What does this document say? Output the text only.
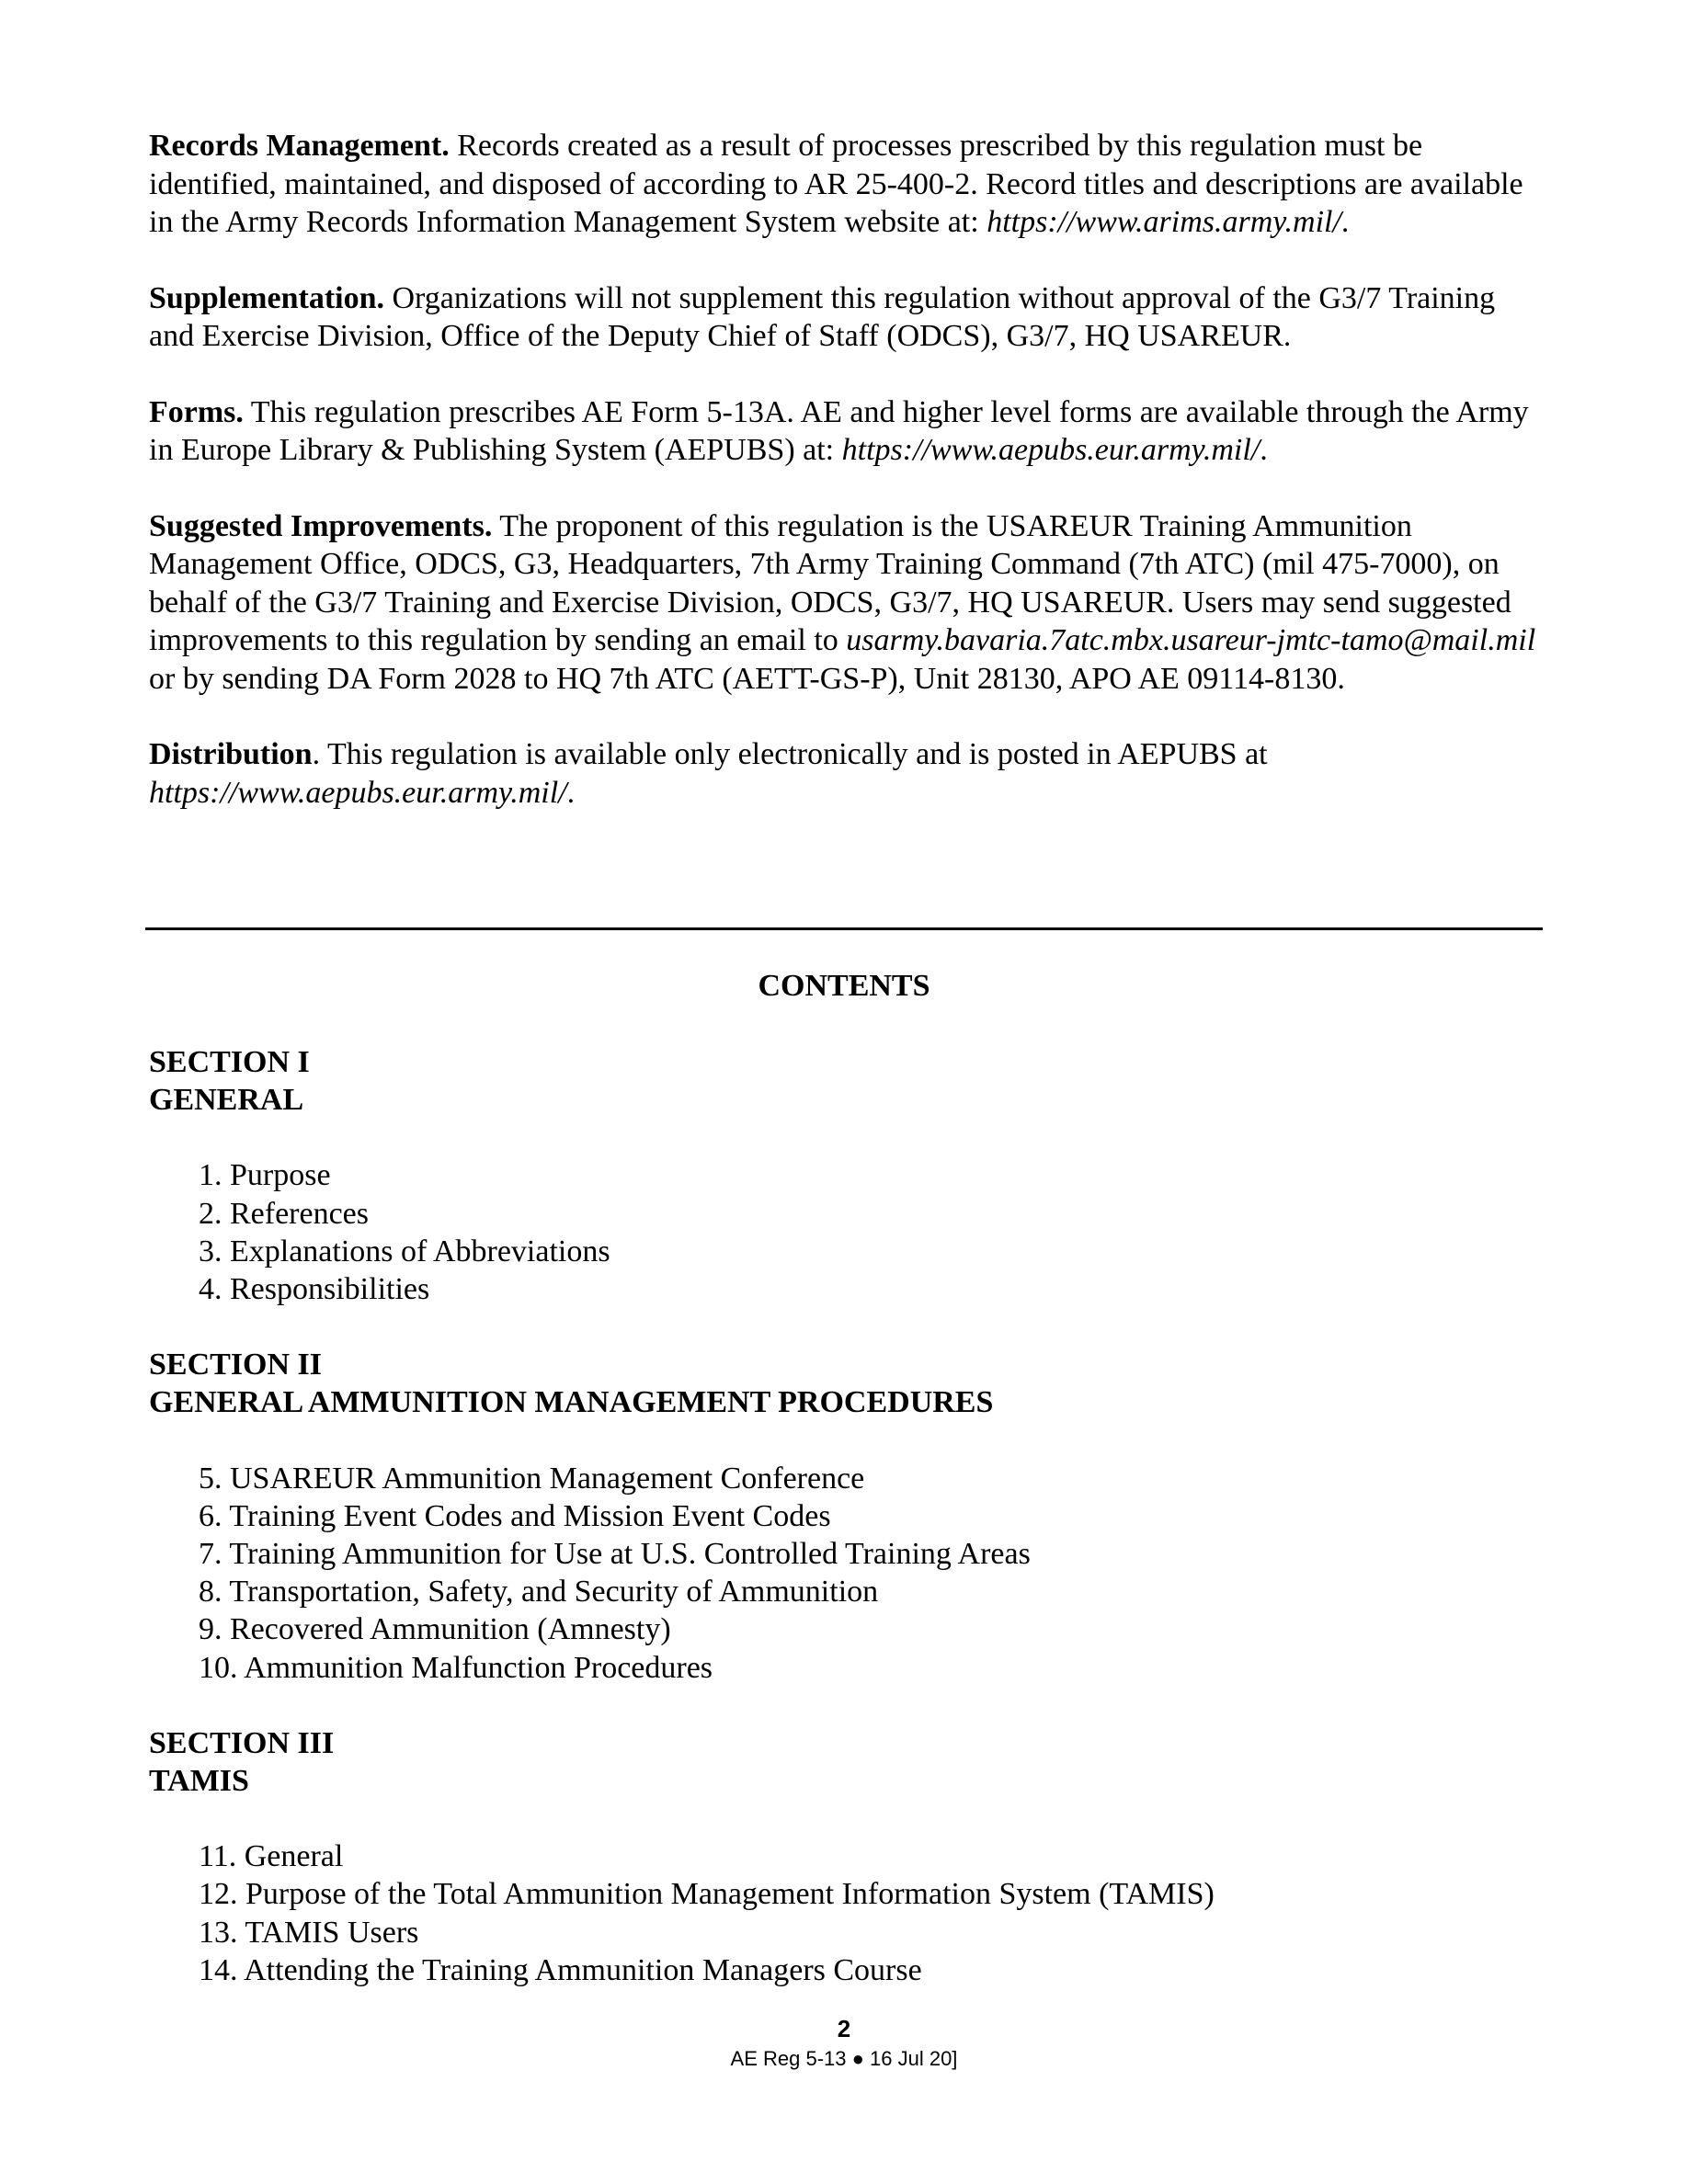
Records Management. Records created as a result of processes prescribed by this regulation must be identified, maintained, and disposed of according to AR 25-400-2. Record titles and descriptions are available in the Army Records Information Management System website at: https://www.arims.army.mil/.

Supplementation. Organizations will not supplement this regulation without approval of the G3/7 Training and Exercise Division, Office of the Deputy Chief of Staff (ODCS), G3/7, HQ USAREUR.

Forms. This regulation prescribes AE Form 5-13A. AE and higher level forms are available through the Army in Europe Library & Publishing System (AEPUBS) at: https://www.aepubs.eur.army.mil/.

Suggested Improvements. The proponent of this regulation is the USAREUR Training Ammunition Management Office, ODCS, G3, Headquarters, 7th Army Training Command (7th ATC) (mil 475-7000), on behalf of the G3/7 Training and Exercise Division, ODCS, G3/7, HQ USAREUR. Users may send suggested improvements to this regulation by sending an email to usarmy.bavaria.7atc.mbx.usareur-jmtc-tamo@mail.mil or by sending DA Form 2028 to HQ 7th ATC (AETT-GS-P), Unit 28130, APO AE 09114-8130.

Distribution. This regulation is available only electronically and is posted in AEPUBS at https://www.aepubs.eur.army.mil/.

CONTENTS

SECTION I

GENERAL

1. Purpose
2. References
3. Explanations of Abbreviations
4. Responsibilities

SECTION II

GENERAL AMMUNITION MANAGEMENT PROCEDURES

5. USAREUR Ammunition Management Conference
6. Training Event Codes and Mission Event Codes
7. Training Ammunition for Use at U.S. Controlled Training Areas
8. Transportation, Safety, and Security of Ammunition
9. Recovered Ammunition (Amnesty)
10. Ammunition Malfunction Procedures

SECTION III

TAMIS

11. General
12. Purpose of the Total Ammunition Management Information System (TAMIS)
13. TAMIS Users
14. Attending the Training Ammunition Managers Course
2
AE Reg 5-13 ● 16 Jul 20]
